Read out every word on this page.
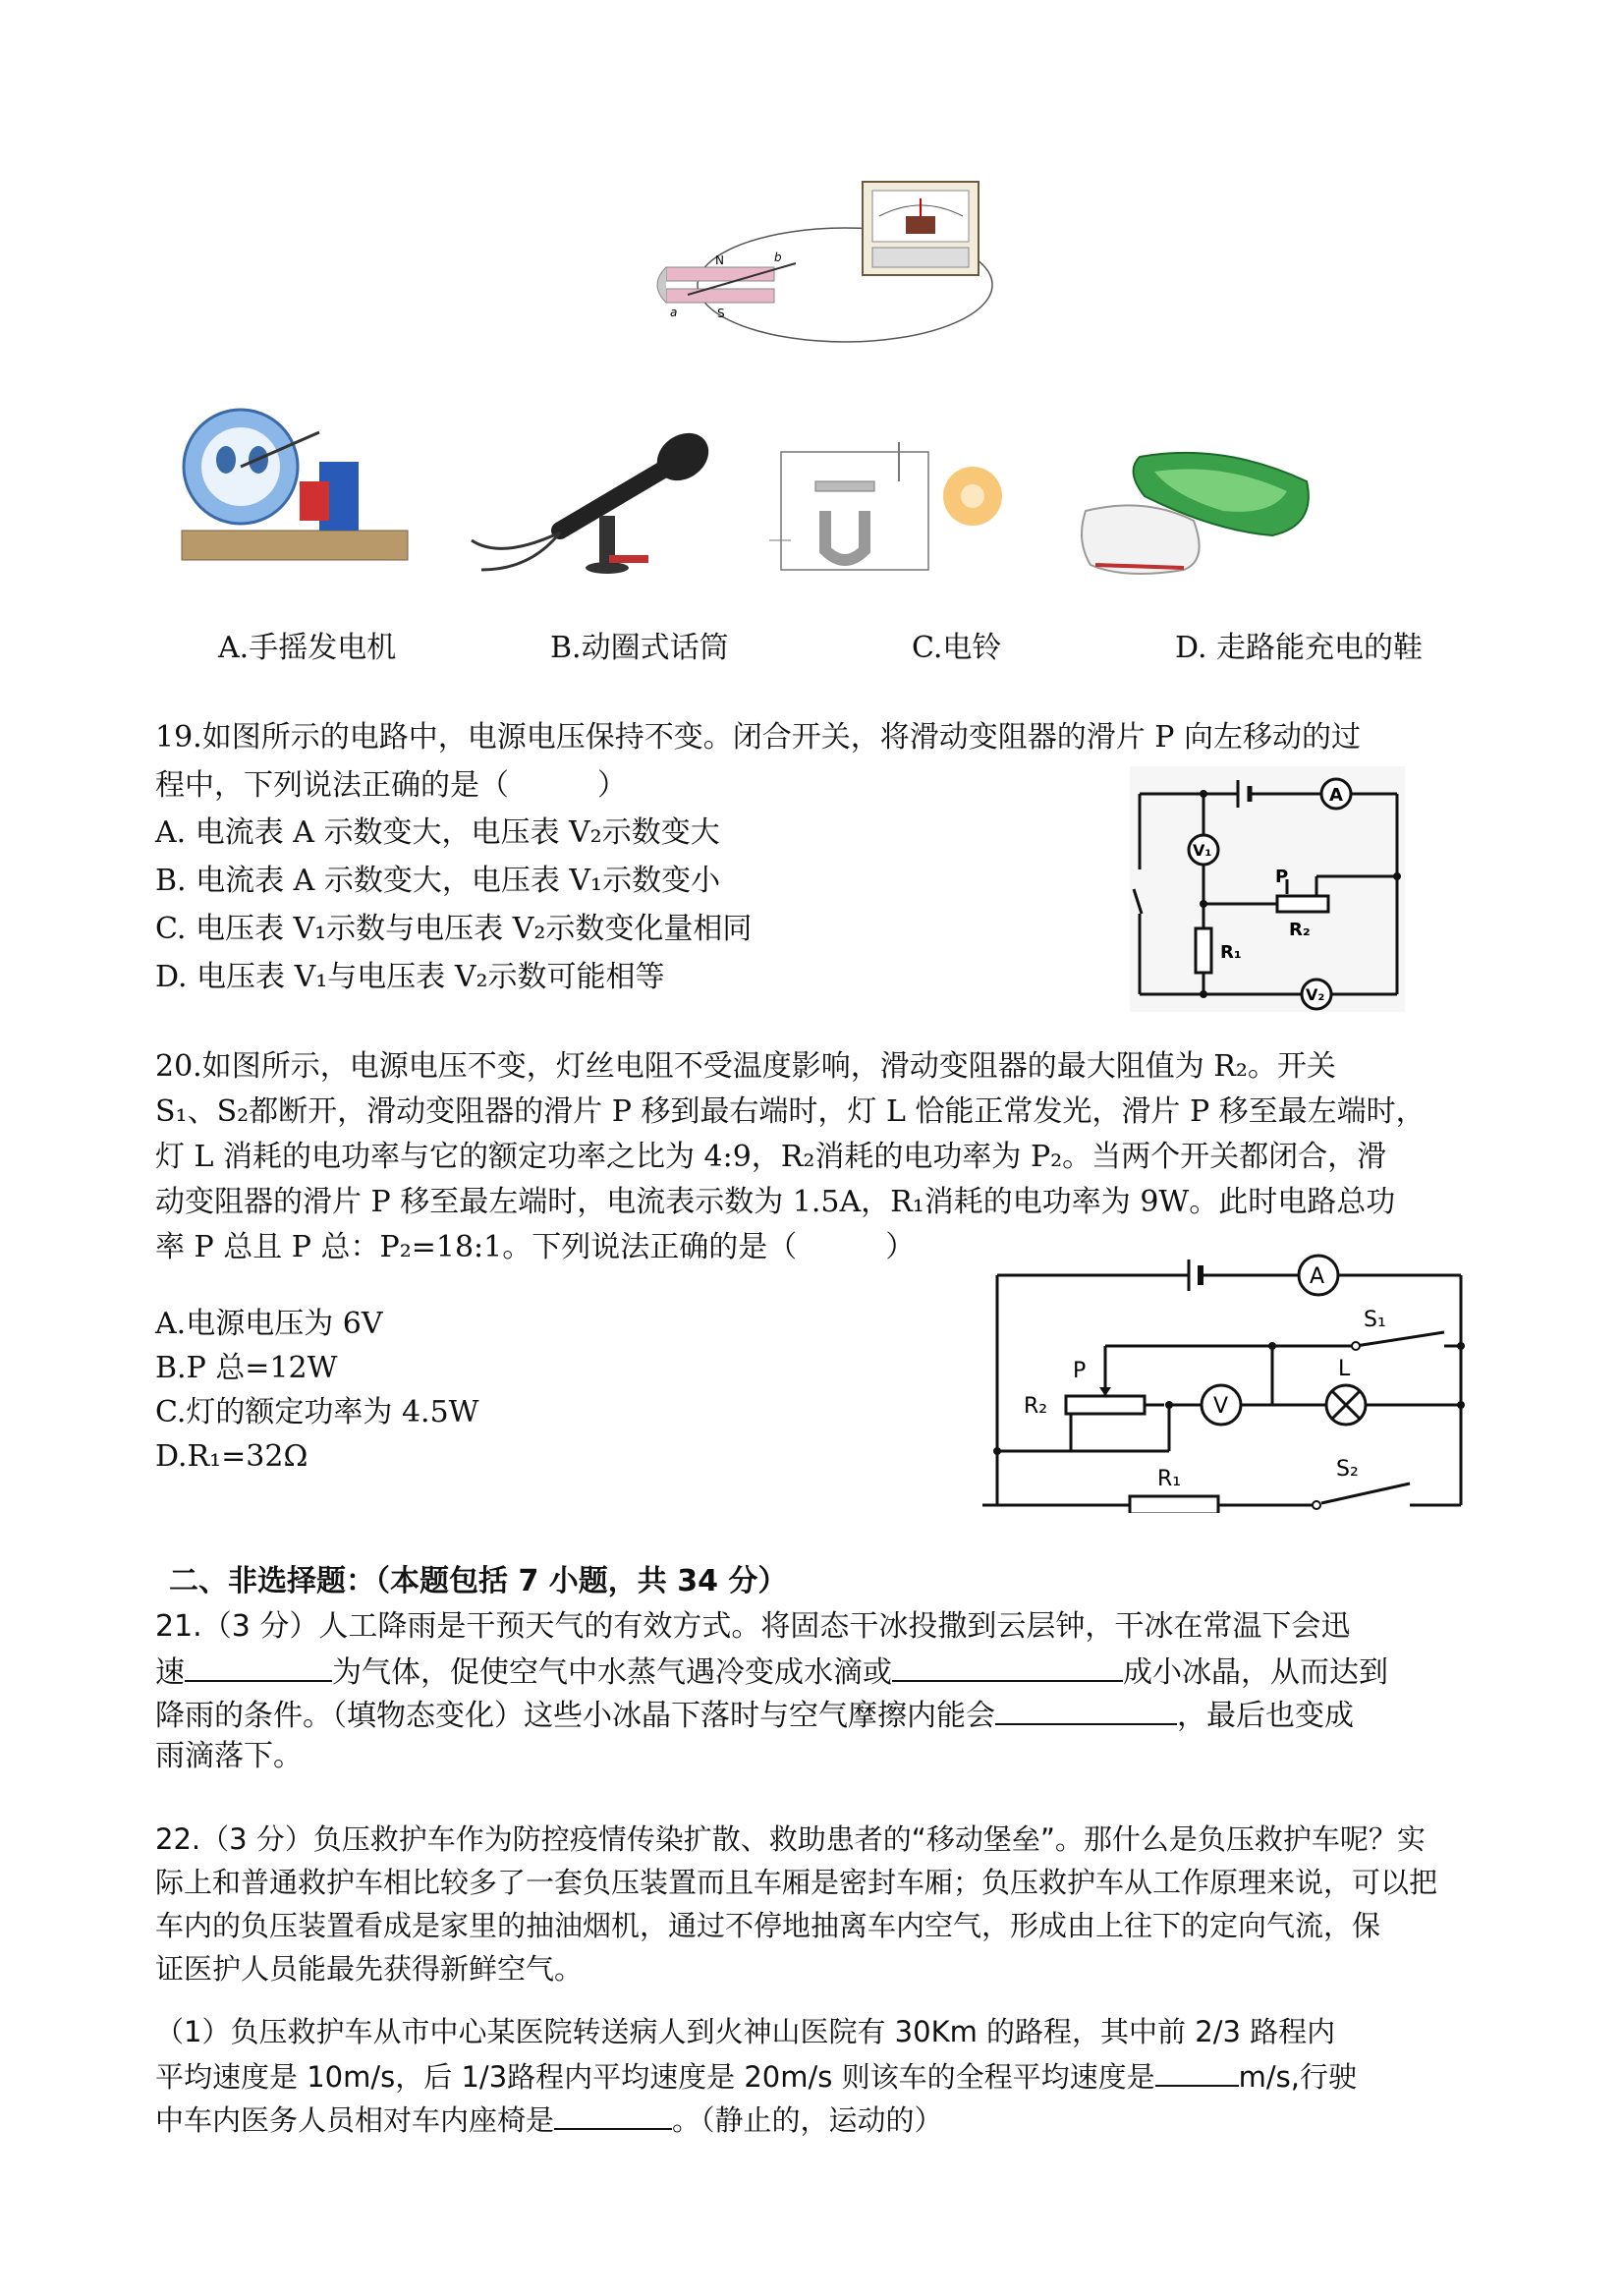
N
S
a
b
A.手摇发电机	B.动圈式话筒	C.电铃	D. 走路能充电的鞋
19.如图所示的电路中，电源电压保持不变。闭合开关，将滑动变阻器的滑片 P 向左移动的过
程中，下列说法正确的是（　　　）
A. 电流表 A 示数变大，电压表 V₂示数变大
B. 电流表 A 示数变大，电压表 V₁示数变小
C. 电压表 V₁示数与电压表 V₂示数变化量相同
D. 电压表 V₁与电压表 V₂示数可能相等
A
V₁
P
R₂
R₁
V₂
20.如图所示，电源电压不变，灯丝电阻不受温度影响，滑动变阻器的最大阻值为 R₂。开关
S₁、S₂都断开，滑动变阻器的滑片 P 移到最右端时，灯 L 恰能正常发光，滑片 P 移至最左端时，
灯 L 消耗的电功率与它的额定功率之比为 4:9，R₂消耗的电功率为 P₂。当两个开关都闭合，滑
动变阻器的滑片 P 移至最左端时，电流表示数为 1.5A，R₁消耗的电功率为 9W。此时电路总功
率 P 总且 P 总：P₂=18:1。下列说法正确的是（　　　）
A.电源电压为 6V
B.P 总=12W
C.灯的额定功率为 4.5W
D.R₁=32Ω
A
P
R₂	V
L
S₁
S₂
R₁
二、非选择题：（本题包括 7 小题，共 34 分）
21.（3 分）人工降雨是干预天气的有效方式。将固态干冰投撒到云层钟，干冰在常温下会迅
速	为气体，促使空气中水蒸气遇冷变成水滴或	成小冰晶，从而达到
降雨的条件。（填物态变化）这些小冰晶下落时与空气摩擦内能会	，最后也变成
雨滴落下。
22.（3 分）负压救护车作为防控疫情传染扩散、救助患者的“移动堡垒”。那什么是负压救护车呢？实
际上和普通救护车相比较多了一套负压装置而且车厢是密封车厢；负压救护车从工作原理来说，可以把
车内的负压装置看成是家里的抽油烟机，通过不停地抽离车内空气，形成由上往下的定向气流，保
证医护人员能最先获得新鲜空气。
（1）负压救护车从市中心某医院转送病人到火神山医院有 30Km 的路程，其中前 2/3 路程内
平均速度是 10m/s，后 1/3路程内平均速度是 20m/s 则该车的全程平均速度是	m/s,行驶
中车内医务人员相对车内座椅是	。（静止的，运动的）
